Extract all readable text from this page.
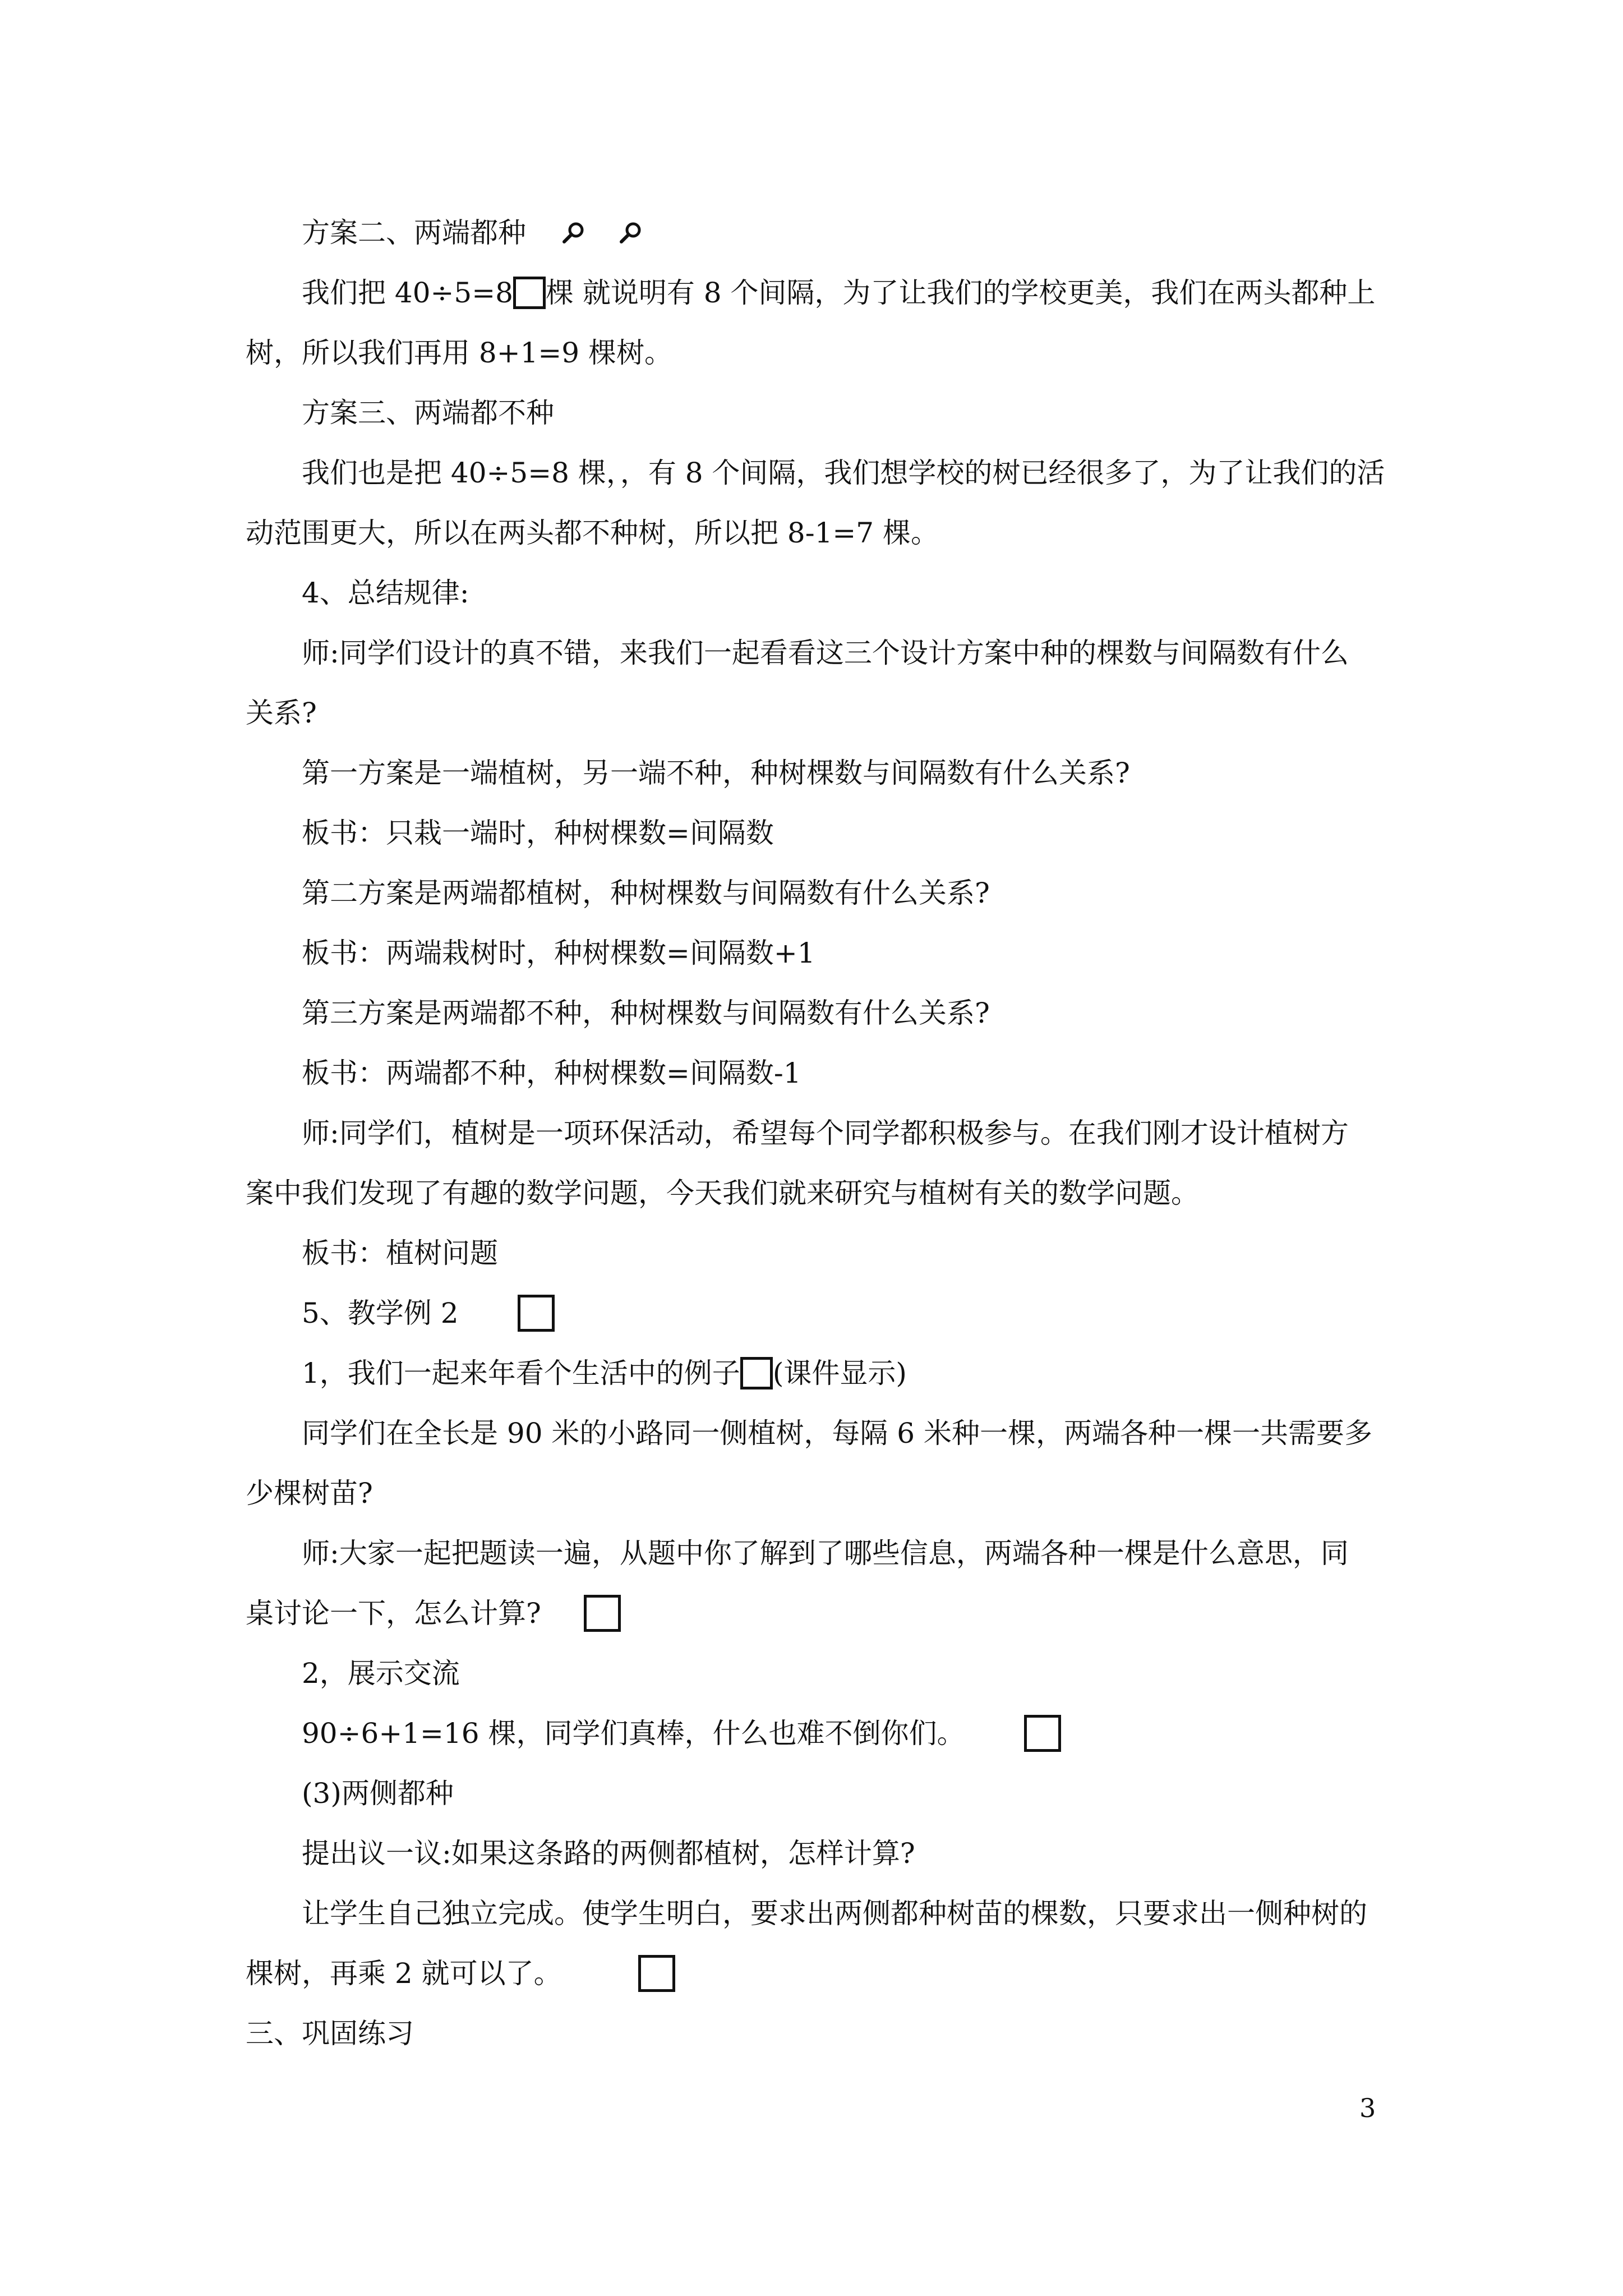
方案二、两端都种
我们把 40÷5=8 棵 就说明有 8 个间隔，为了让我们的学校更美，我们在两头都种上
树，所以我们再用 8+1=9 棵树。
方案三、两端都不种
我们也是把 40÷5=8 棵，，有 8 个间隔，我们想学校的树已经很多了，为了让我们的活
动范围更大，所以在两头都不种树，所以把 8-1=7 棵。
4、总结规律:
师:同学们设计的真不错，来我们一起看看这三个设计方案中种的棵数与间隔数有什么
关系?
第一方案是一端植树，另一端不种，种树棵数与间隔数有什么关系?
板书：只栽一端时，种树棵数=间隔数
第二方案是两端都植树，种树棵数与间隔数有什么关系?
板书：两端栽树时，种树棵数=间隔数+1
第三方案是两端都不种，种树棵数与间隔数有什么关系?
板书：两端都不种，种树棵数=间隔数-1
师:同学们，植树是一项环保活动，希望每个同学都积极参与。在我们刚才设计植树方
案中我们发现了有趣的数学问题，今天我们就来研究与植树有关的数学问题。
板书：植树问题
5、教学例 2
1，我们一起来年看个生活中的例子 (课件显示)
同学们在全长是 90 米的小路同一侧植树，每隔 6 米种一棵，两端各种一棵一共需要多
少棵树苗?
师:大家一起把题读一遍，从题中你了解到了哪些信息，两端各种一棵是什么意思，同
桌讨论一下，怎么计算?
2，展示交流
90÷6+1=16 棵，同学们真棒，什么也难不倒你们。
(3)两侧都种
提出议一议:如果这条路的两侧都植树，怎样计算?
让学生自己独立完成。使学生明白，要求出两侧都种树苗的棵数，只要求出一侧种树的
棵树，再乘 2 就可以了。
三、巩固练习
3
